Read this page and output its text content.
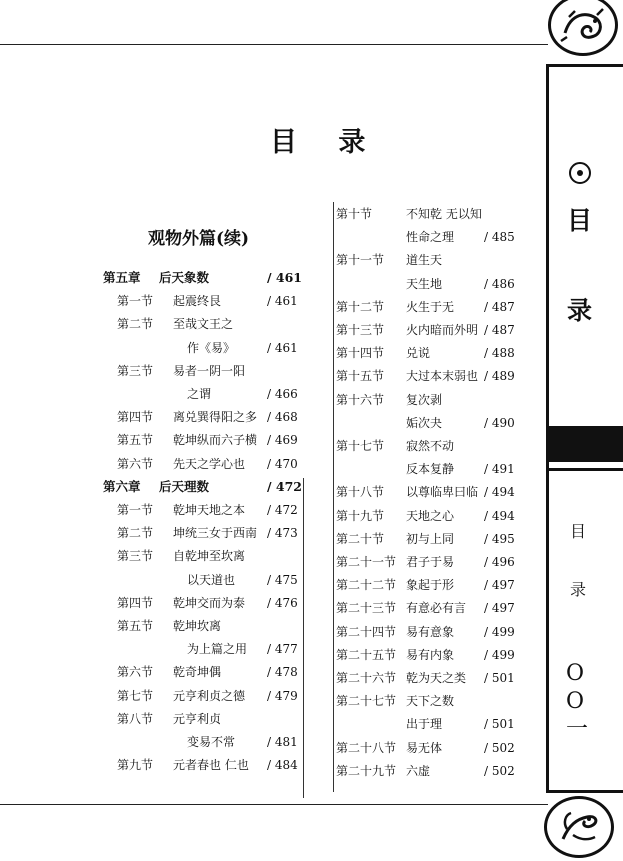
目 录
观物外篇(续)
第五章 后天象数	/ 461
第一节 起震终艮	/ 461
第二节 至哉文王之
作《易》	/ 461
第三节 易者一阴一阳
之谓	/ 466
第四节 离兑巽得阳之多 / 468
第五节 乾坤纵而六子横 / 469
第六节 先天之学心也 / 470
第六章 后天理数	/ 472
第一节 乾坤天地之本 / 472
第二节 坤统三女于西南 / 473
第三节 自乾坤至坎离
以天道也	/ 475
第四节 乾坤交而为泰 / 476
第五节 乾坤坎离
为上篇之用 / 477
第六节 乾奇坤偶	/ 478
第七节 元亨利贞之德 / 479
第八节 元亨利贞
变易不常	/ 481
第九节 元者春也 仁也 / 484
第十节	不知乾 无以知
性命之理 / 485
第十一节 道生天
天生地	/ 486
第十二节 火生于无 / 487
第十三节 火内暗而外明 / 487
第十四节 兑说	/ 488
第十五节 大过本末弱也 / 489
第十六节 复次剥
姤次夬	/ 490
第十七节 寂然不动
反本复静 / 491
第十八节 以尊临卑曰临 / 494
第十九节 天地之心 / 494
第二十节 初与上同 / 495
第二十一节 君子于易 / 496
第二十二节 象起于形 / 497
第二十三节 有意必有言 / 497
第二十四节 易有意象 / 499
第二十五节 易有内象 / 499
第二十六节 乾为天之类 / 501
第二十七节 天下之数
出于理	/ 501
第二十八节 易无体	/ 502
第二十九节 六虚	/ 502
目
录
目
录
O
O
一
